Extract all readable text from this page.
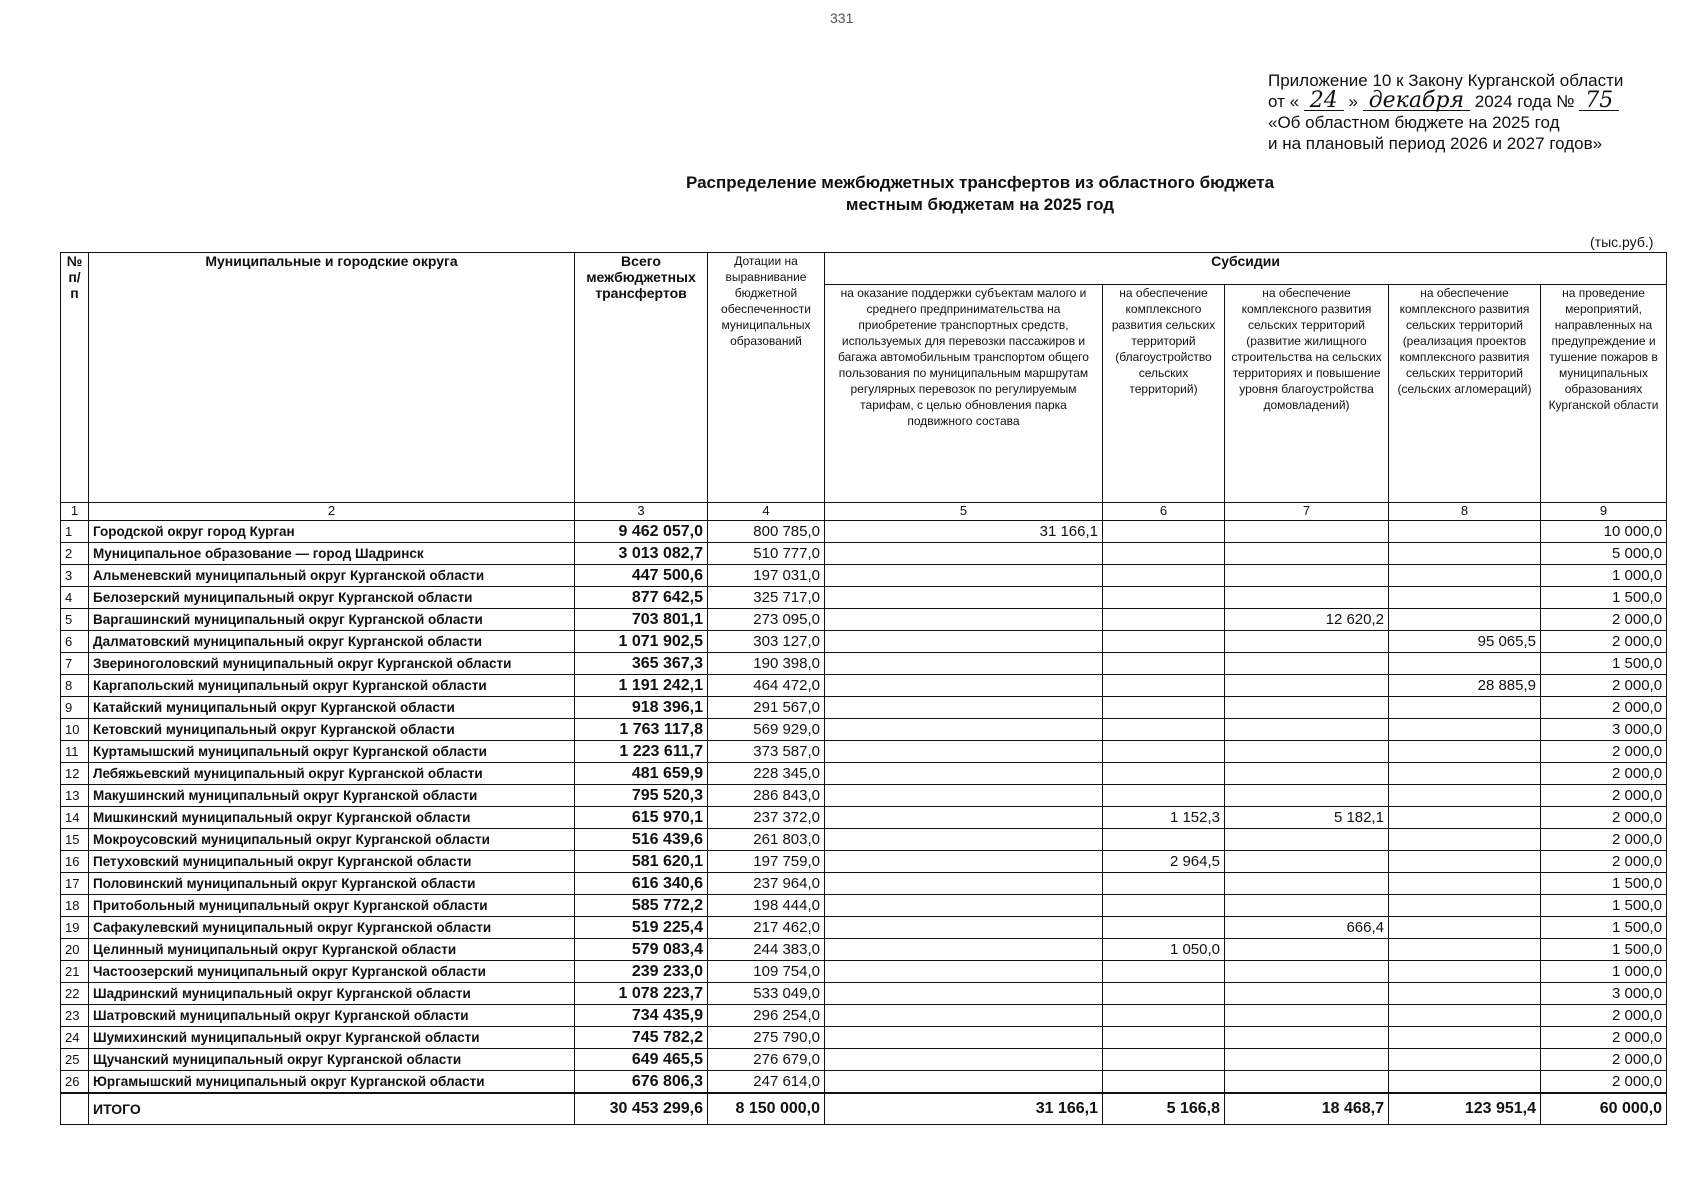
331
Приложение 10 к Закону Курганской области
от « 24 » декабря 2024 года № 75
«Об областном бюджете на 2025 год
и на плановый период 2026 и 2027 годов»
Распределение межбюджетных трансфертов из областного бюджета
местным бюджетам на 2025 год
(тыс.руб.)
№ п/п	Муниципальные и городские округа	Всего межбюджетных трансфертов	Дотации на выравнивание бюджетной обеспеченности муниципальных образований	Субсидии				
				на оказание поддержки субъектам малого и среднего предпринимательства на приобретение транспортных средств, используемых для перевозки пассажиров и багажа автомобильным транспортом общего пользования по муниципальным маршрутам регулярных перевозок по регулируемым тарифам, с целью обновления парка подвижного состава	на обеспечение комплексного развития сельских территорий (благоустройство сельских территорий)	на обеспечение комплексного развития сельских территорий (развитие жилищного строительства на сельских территориях и повышение уровня благоустройства домовладений)	на обеспечение комплексного развития сельских территорий (реализация проектов комплексного развития сельских территорий (сельских агломераций)	на проведение мероприятий, направленных на предупреждение и тушение пожаров в муниципальных образованиях Курганской области
1	2	3	4	5	6	7	8	9
1	Городской округ город Курган	9 462 057,0	800 785,0	31 166,1				10 000,0
2	Муниципальное образование — город Шадринск	3 013 082,7	510 777,0					5 000,0
3	Альменевский муниципальный округ Курганской области	447 500,6	197 031,0					1 000,0
4	Белозерский муниципальный округ Курганской области	877 642,5	325 717,0					1 500,0
5	Варгашинский муниципальный округ Курганской области	703 801,1	273 095,0			12 620,2		2 000,0
6	Далматовский муниципальный округ Курганской области	1 071 902,5	303 127,0				95 065,5	2 000,0
7	Звериноголовский муниципальный округ Курганской области	365 367,3	190 398,0					1 500,0
8	Каргапольский муниципальный округ Курганской области	1 191 242,1	464 472,0				28 885,9	2 000,0
9	Катайский муниципальный округ Курганской области	918 396,1	291 567,0					2 000,0
10	Кетовский муниципальный округ Курганской области	1 763 117,8	569 929,0					3 000,0
11	Куртамышский муниципальный округ Курганской области	1 223 611,7	373 587,0					2 000,0
12	Лебяжьевский муниципальный округ Курганской области	481 659,9	228 345,0					2 000,0
13	Макушинский муниципальный округ Курганской области	795 520,3	286 843,0					2 000,0
14	Мишкинский муниципальный округ Курганской области	615 970,1	237 372,0		1 152,3	5 182,1		2 000,0
15	Мокроусовский муниципальный округ Курганской области	516 439,6	261 803,0					2 000,0
16	Петуховский муниципальный округ Курганской области	581 620,1	197 759,0		2 964,5			2 000,0
17	Половинский муниципальный округ Курганской области	616 340,6	237 964,0					1 500,0
18	Притобольный муниципальный округ Курганской области	585 772,2	198 444,0					1 500,0
19	Сафакулевский муниципальный округ Курганской области	519 225,4	217 462,0			666,4		1 500,0
20	Целинный муниципальный округ Курганской области	579 083,4	244 383,0		1 050,0			1 500,0
21	Частоозерский муниципальный округ Курганской области	239 233,0	109 754,0					1 000,0
22	Шадринский муниципальный округ Курганской области	1 078 223,7	533 049,0					3 000,0
23	Шатровский муниципальный округ Курганской области	734 435,9	296 254,0					2 000,0
24	Шумихинский муниципальный округ Курганской области	745 782,2	275 790,0					2 000,0
25	Щучанский муниципальный округ Курганской области	649 465,5	276 679,0					2 000,0
26	Юргамышский муниципальный округ Курганской области	676 806,3	247 614,0					2 000,0
	ИТОГО	30 453 299,6	8 150 000,0	31 166,1	5 166,8	18 468,7	123 951,4	60 000,0
